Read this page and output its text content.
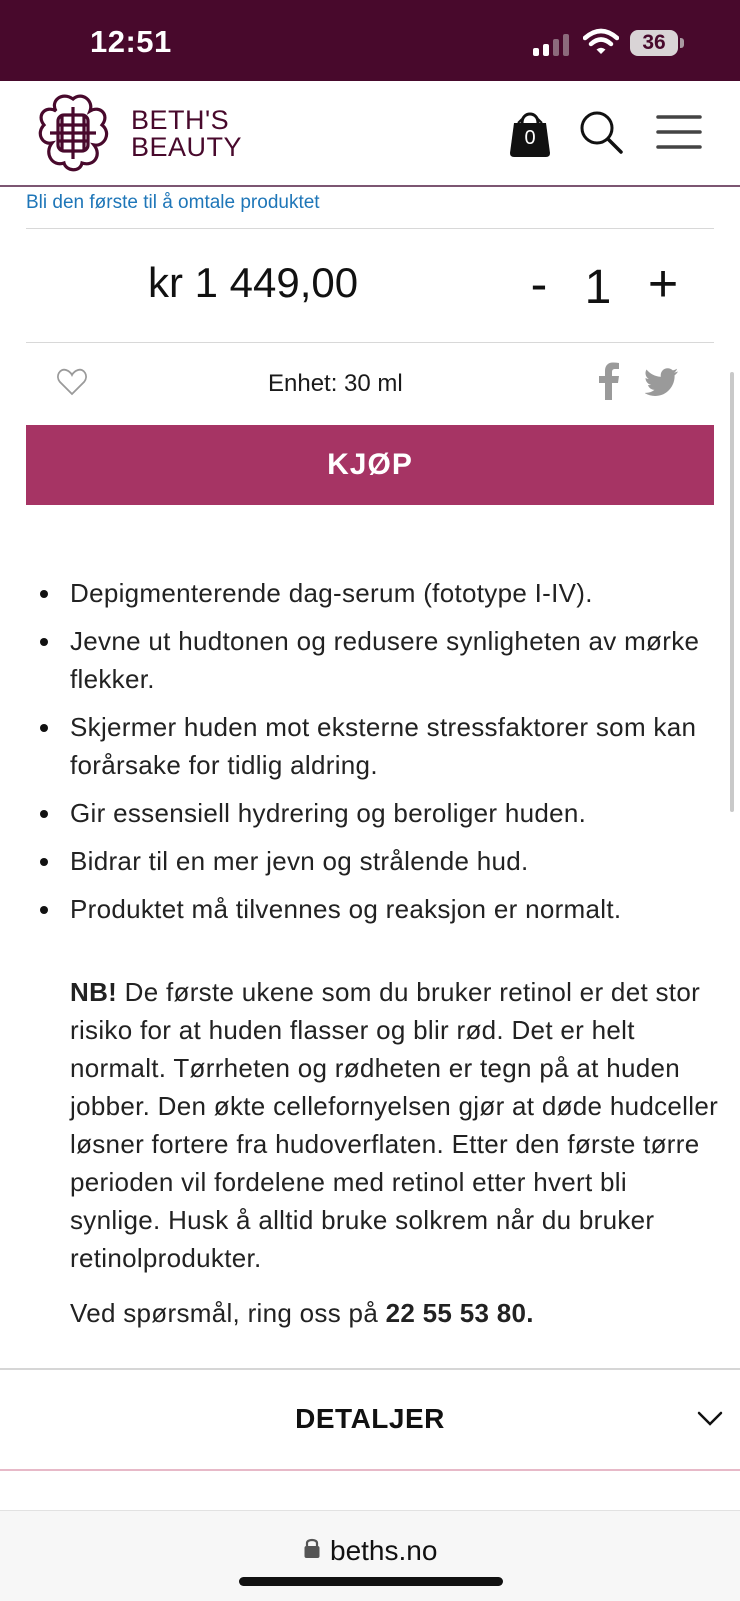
12:51	36
BETH'S
BEAUTY	0
Bli den første til å omtale produktet
kr 1 449,00	- 1 +
Enhet: 30 ml
KJØP
Depigmenterende dag-serum (fototype I-IV).
Jevne ut hudtonen og redusere synligheten av mørke flekker.
Skjermer huden mot eksterne stressfaktorer som kan forårsake for tidlig aldring.
Gir essensiell hydrering og beroliger huden.
Bidrar til en mer jevn og strålende hud.
Produktet må tilvennes og reaksjon er normalt.

NB! De første ukene som du bruker retinol er det stor risiko for at huden flasser og blir rød. Det er helt normalt. Tørrheten og rødheten er tegn på at huden jobber. Den økte cellefornyelsen gjør at døde hudceller løsner fortere fra hudoverflaten. Etter den første tørre perioden vil fordelene med retinol etter hvert bli synlige. Husk å alltid bruke solkrem når du bruker retinolprodukter.

Ved spørsmål, ring oss på 22 55 53 80.

DETALJER
beths.no
